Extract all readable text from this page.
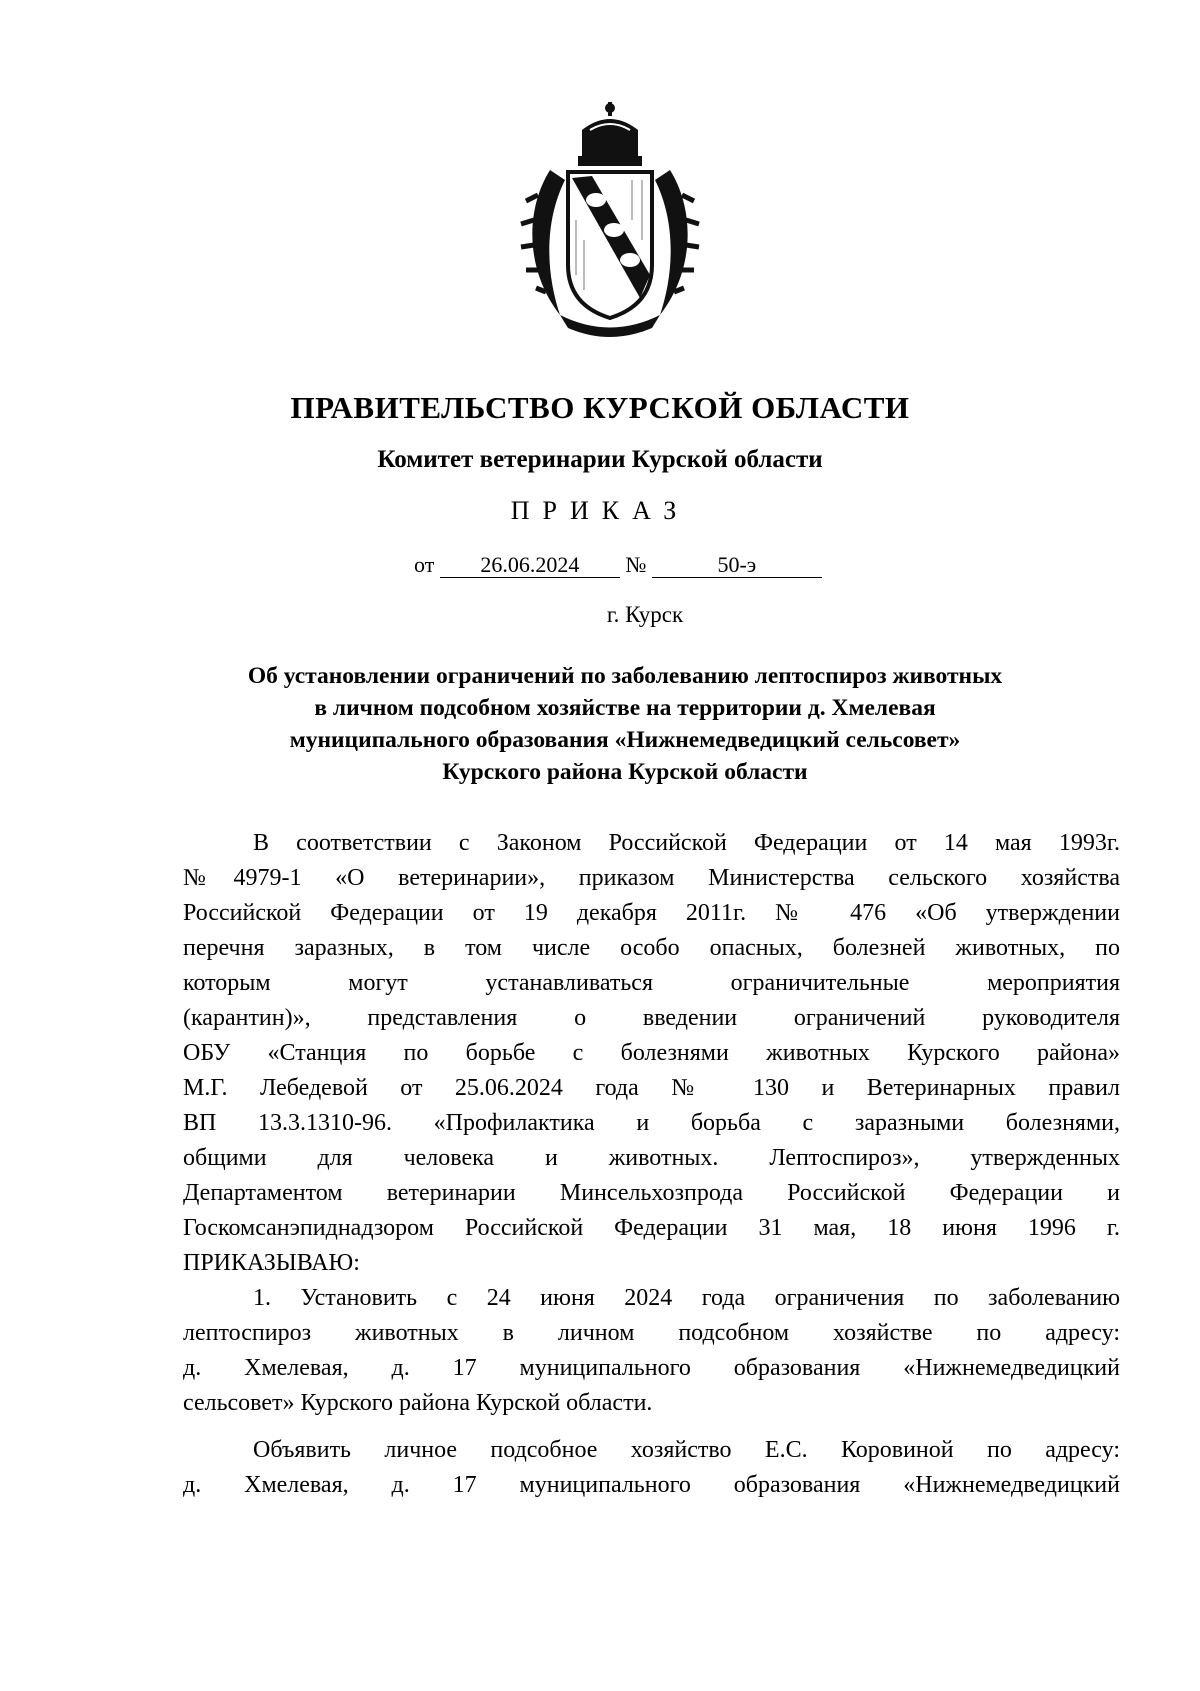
ПРАВИТЕЛЬСТВО КУРСКОЙ ОБЛАСТИ
Комитет ветеринарии Курской области
ПРИКАЗ
от 26.06.2024 №	50-э
г. Курск
Об установлении ограничений по заболеванию лептоспироз животных
в личном подсобном хозяйстве на территории д. Хмелевая
муниципального образования «Нижнемедведицкий сельсовет»
Курского района Курской области
В соответствии с Законом Российской Федерации от 14 мая 1993г.
№4979-1 «О ветеринарии», приказом Министерства сельского хозяйства
Российской Федерации от 19 декабря 2011г. № 476 «Об утверждении
перечня заразных, в том числе особо опасных, болезней животных, по
которым могут устанавливаться ограничительные мероприятия
(карантин)», представления о введении ограничений руководителя
ОБУ «Станция по борьбе с болезнями животных Курского района»
М.Г. Лебедевой от 25.06.2024 года № 130 и Ветеринарных правил
ВП 13.3.1310-96. «Профилактика и борьба с заразными болезнями,
общими для человека и животных. Лептоспироз», утвержденных
Департаментом ветеринарии Минсельхозпрода Российской Федерации и
Госкомсанэпиднадзором Российской Федерации 31 мая, 18 июня 1996 г.
ПРИКАЗЫВАЮ:
1. Установить с 24 июня 2024 года ограничения по заболеванию
лептоспироз животных в личном подсобном хозяйстве по адресу:
д. Хмелевая, д. 17 муниципального образования «Нижнемедведицкий
сельсовет» Курского района Курской области.
Объявить личное подсобное хозяйство Е.С. Коровиной по адресу:
д. Хмелевая, д. 17 муниципального образования «Нижнемедведицкий
